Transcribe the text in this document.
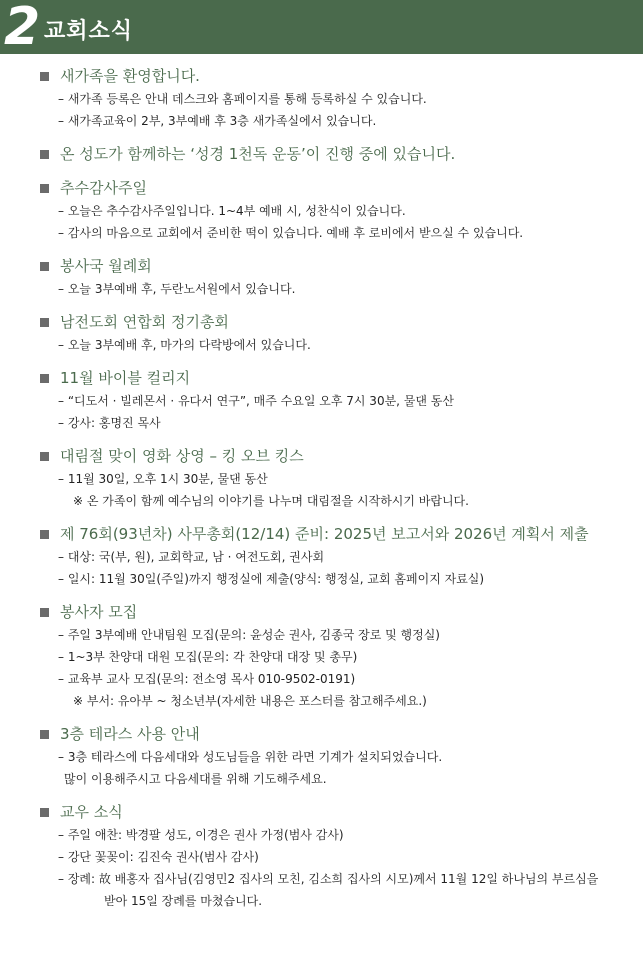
2 교회소식
새가족을 환영합니다.
– 새가족 등록은 안내 데스크와 홈페이지를 통해 등록하실 수 있습니다.
– 새가족교육이 2부, 3부예배 후 3층 새가족실에서 있습니다.
온 성도가 함께하는 ‘성경 1천독 운동’이 진행 중에 있습니다.
추수감사주일
– 오늘은 추수감사주일입니다. 1~4부 예배 시, 성찬식이 있습니다.
– 감사의 마음으로 교회에서 준비한 떡이 있습니다. 예배 후 로비에서 받으실 수 있습니다.
봉사국 월례회
– 오늘 3부예배 후, 두란노서원에서 있습니다.
남전도회 연합회 정기총회
– 오늘 3부예배 후, 마가의 다락방에서 있습니다.
11월 바이블 컬리지
– “디도서 · 빌레몬서 · 유다서 연구”, 매주 수요일 오후 7시 30분, 물댄 동산
– 강사: 홍명진 목사
대림절 맞이 영화 상영 – 킹 오브 킹스
– 11월 30일, 오후 1시 30분, 물댄 동산
※ 온 가족이 함께 예수님의 이야기를 나누며 대림절을 시작하시기 바랍니다.
제 76회(93년차) 사무총회(12/14) 준비: 2025년 보고서와 2026년 계획서 제출
– 대상: 국(부, 원), 교회학교, 남 · 여전도회, 권사회
– 일시: 11월 30일(주일)까지 행정실에 제출(양식: 행정실, 교회 홈페이지 자료실)
봉사자 모집
– 주일 3부예배 안내팀원 모집(문의: 윤성순 권사, 김종국 장로 및 행정실)
– 1~3부 찬양대 대원 모집(문의: 각 찬양대 대장 및 총무)
– 교육부 교사 모집(문의: 전소영 목사 010-9502-0191)
※ 부서: 유아부 ~ 청소년부(자세한 내용은 포스터를 참고해주세요.)
3층 테라스 사용 안내
– 3층 테라스에 다음세대와 성도님들을 위한 라면 기계가 설치되었습니다.
많이 이용해주시고 다음세대를 위해 기도해주세요.
교우 소식
– 주일 애찬: 박경팔 성도, 이경은 권사 가정(범사 감사)
– 강단 꽃꽂이: 김진숙 권사(범사 감사)
– 장례: 故 배홍자 집사님(김영민2 집사의 모친, 김소희 집사의 시모)께서 11월 12일 하나님의 부르심을
받아 15일 장례를 마쳤습니다.
